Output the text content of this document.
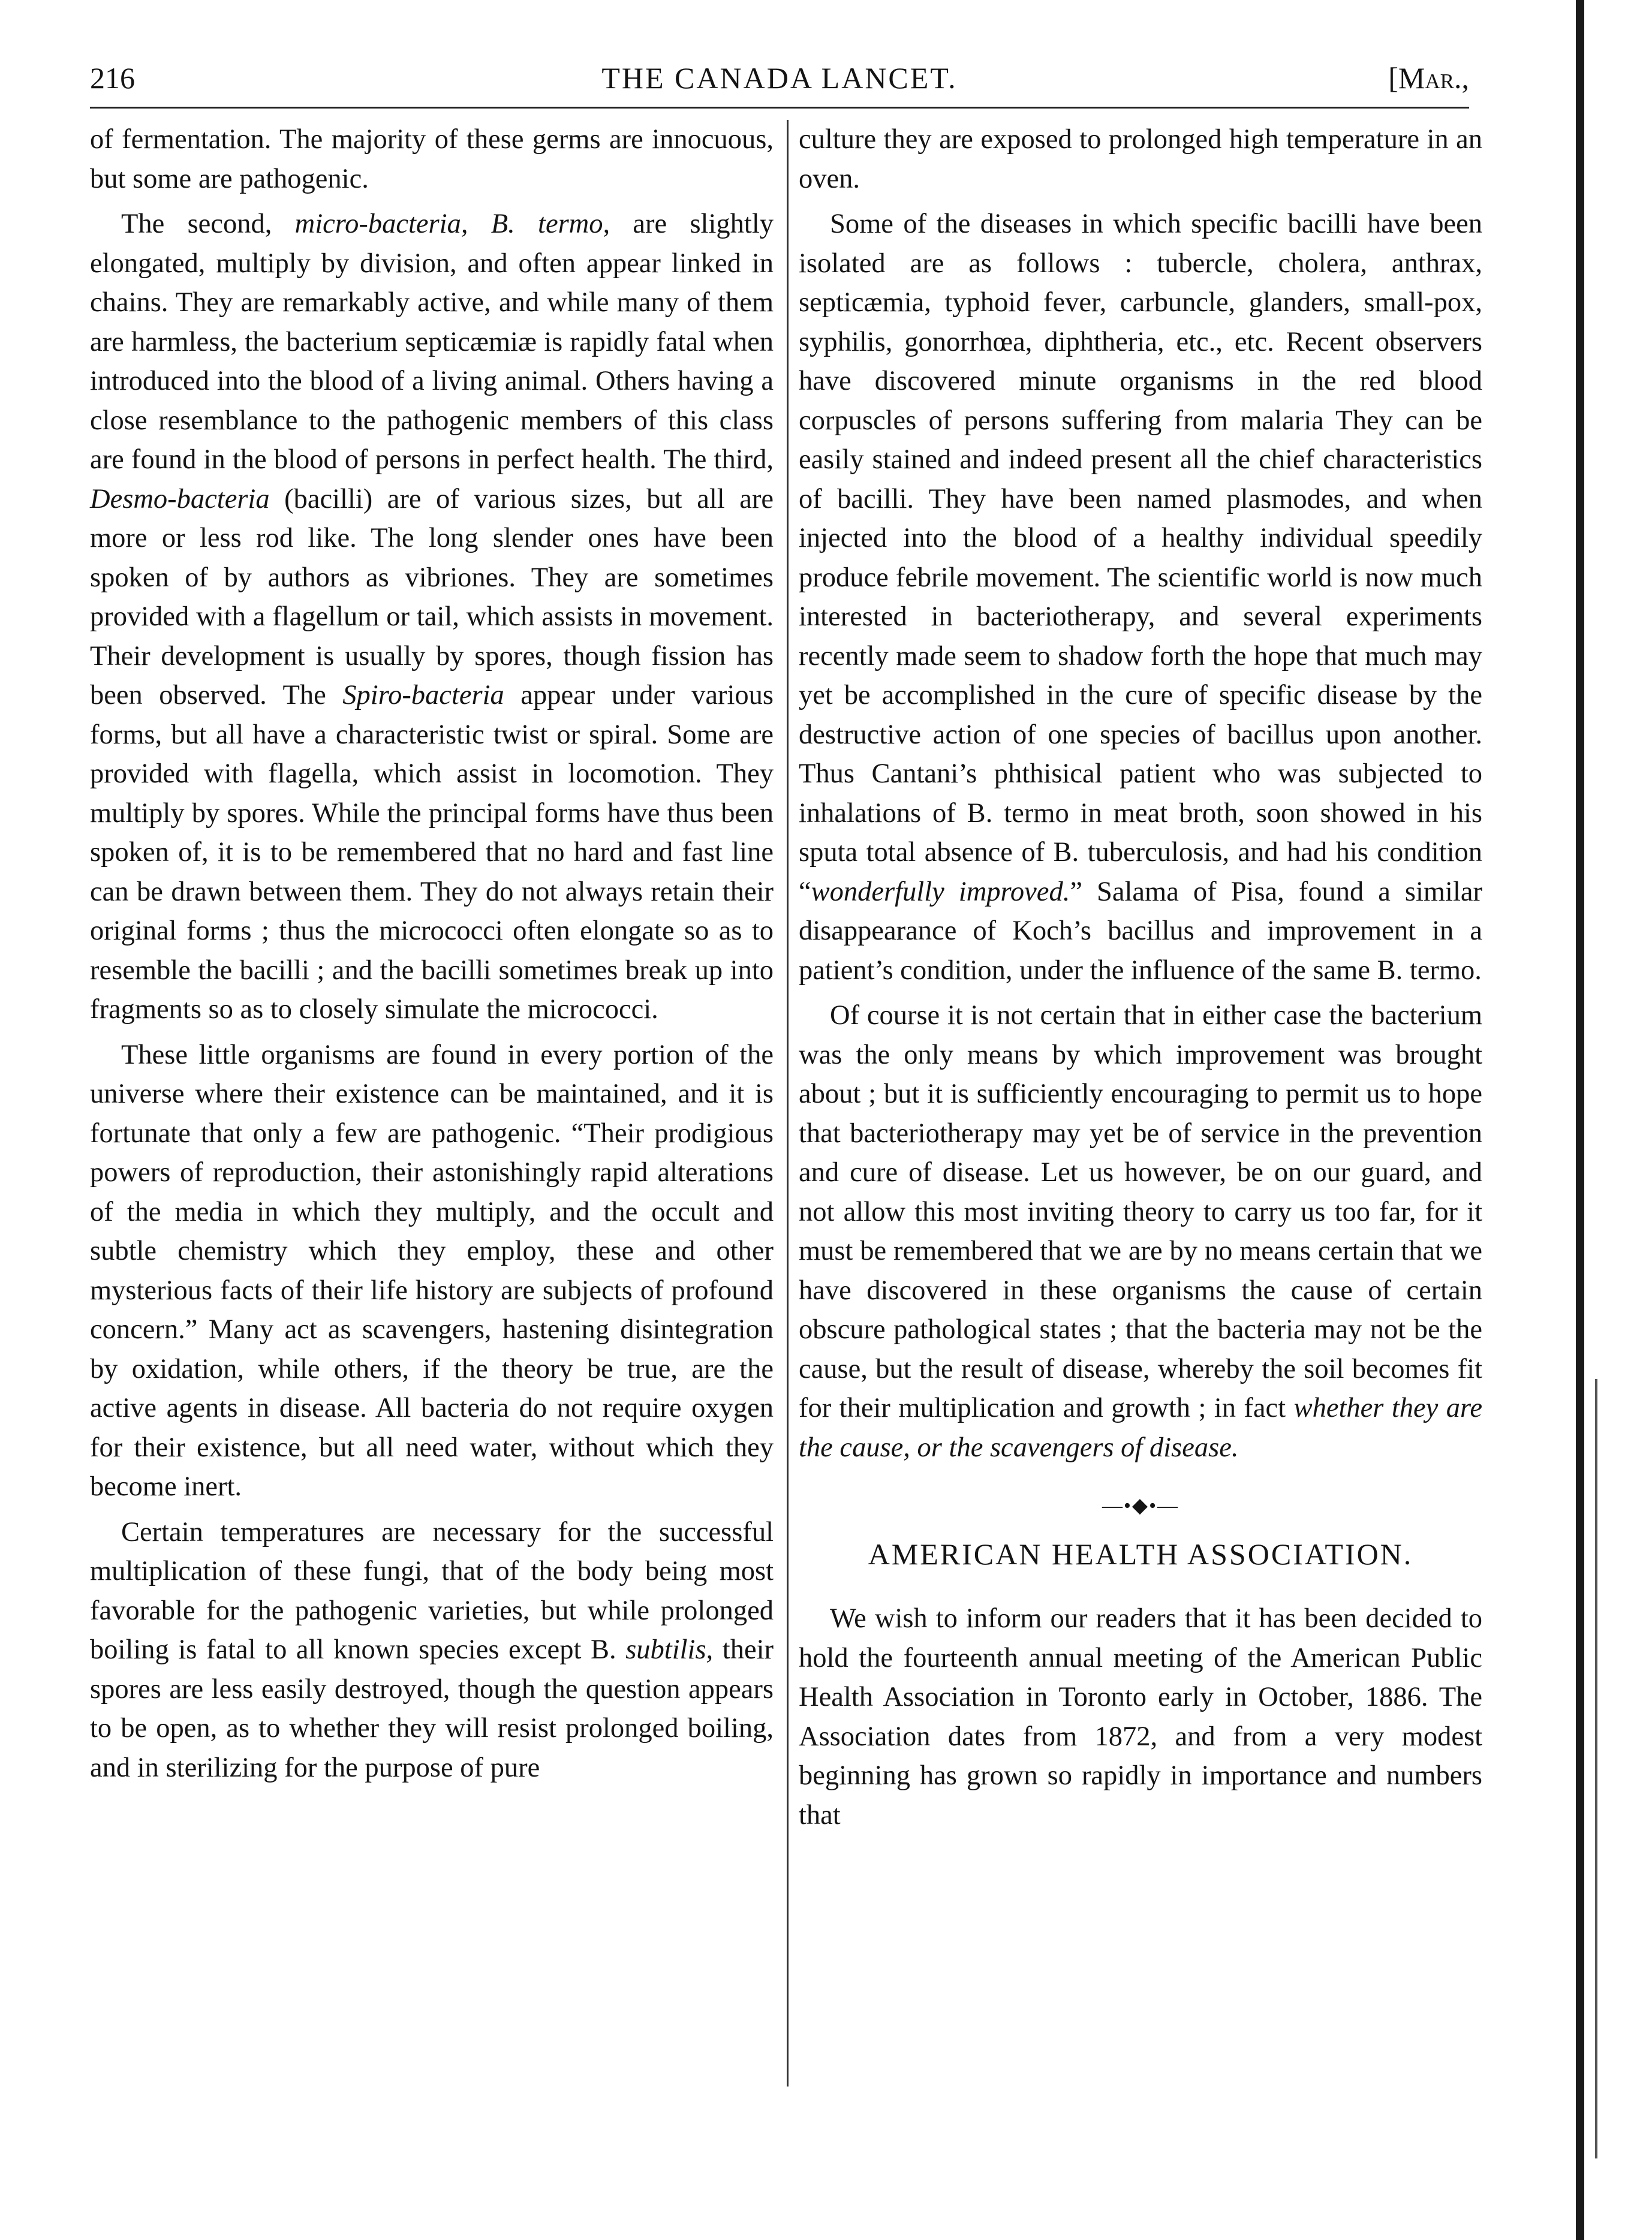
216	THE CANADA LANCET.	[Mar.,

of fermentation. The majority of these germs are innocuous, but some are pathogenic.

The second, micro-bacteria, B. termo, are slightly elongated, multiply by division, and often appear linked in chains. They are remarkably active, and while many of them are harmless, the bacterium septicæmiæ is rapidly fatal when introduced into the blood of a living animal. Others having a close resemblance to the pathogenic members of this class are found in the blood of persons in perfect health. The third, Desmo-bacteria (bacilli) are of various sizes, but all are more or less rod like. The long slender ones have been spoken of by authors as vibriones. They are sometimes provided with a flagellum or tail, which assists in movement. Their development is usually by spores, though fission has been observed. The Spiro-bacteria appear under various forms, but all have a characteristic twist or spiral. Some are provided with flagella, which assist in locomotion. They multiply by spores. While the principal forms have thus been spoken of, it is to be remembered that no hard and fast line can be drawn between them. They do not always retain their original forms ; thus the micrococci often elongate so as to resemble the bacilli ; and the bacilli sometimes break up into fragments so as to closely simulate the micrococci.

These little organisms are found in every portion of the universe where their existence can be maintained, and it is fortunate that only a few are pathogenic. “Their prodigious powers of reproduction, their astonishingly rapid alterations of the media in which they multiply, and the occult and subtle chemistry which they employ, these and other mysterious facts of their life history are subjects of profound concern.” Many act as scavengers, hastening disintegration by oxidation, while others, if the theory be true, are the active agents in disease. All bacteria do not require oxygen for their existence, but all need water, without which they become inert.

Certain temperatures are necessary for the successful multiplication of these fungi, that of the body being most favorable for the pathogenic varieties, but while prolonged boiling is fatal to all known species except B. subtilis, their spores are less easily destroyed, though the question appears to be open, as to whether they will resist prolonged boiling, and in sterilizing for the purpose of pure

culture they are exposed to prolonged high temperature in an oven.

Some of the diseases in which specific bacilli have been isolated are as follows : tubercle, cholera, anthrax, septicæmia, typhoid fever, carbuncle, glanders, small-pox, syphilis, gonorrhœa, diphtheria, etc., etc. Recent observers have discovered minute organisms in the red blood corpuscles of persons suffering from malaria They can be easily stained and indeed present all the chief characteristics of bacilli. They have been named plasmodes, and when injected into the blood of a healthy individual speedily produce febrile movement. The scientific world is now much interested in bacteriotherapy, and several experiments recently made seem to shadow forth the hope that much may yet be accomplished in the cure of specific disease by the destructive action of one species of bacillus upon another. Thus Cantani’s phthisical patient who was subjected to inhalations of B. termo in meat broth, soon showed in his sputa total absence of B. tuberculosis, and had his condition “wonderfully improved.” Salama of Pisa, found a similar disappearance of Koch’s bacillus and improvement in a patient’s condition, under the influence of the same B. termo.

Of course it is not certain that in either case the bacterium was the only means by which improvement was brought about ; but it is sufficiently encouraging to permit us to hope that bacteriotherapy may yet be of service in the prevention and cure of disease. Let us however, be on our guard, and not allow this most inviting theory to carry us too far, for it must be remembered that we are by no means certain that we have discovered in these organisms the cause of certain obscure pathological states ; that the bacteria may not be the cause, but the result of disease, whereby the soil becomes fit for their multiplication and growth ; in fact whether they are the cause, or the scavengers of disease.

—•◆•—
AMERICAN HEALTH ASSOCIATION.

We wish to inform our readers that it has been decided to hold the fourteenth annual meeting of the American Public Health Association in Toronto early in October, 1886. The Association dates from 1872, and from a very modest beginning has grown so rapidly in importance and numbers that
